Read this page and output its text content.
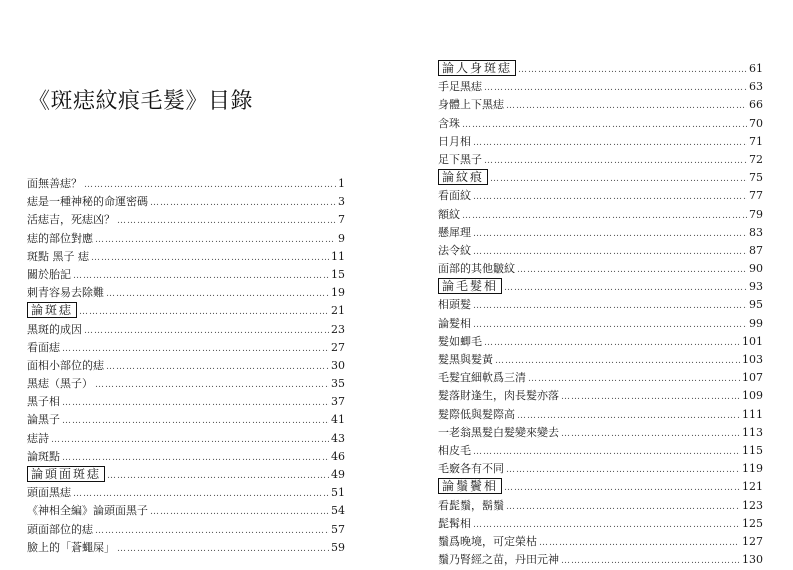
《斑痣紋痕毛髮》目錄
面無善痣？ …………………………………………………………………………………………………………………………………………………………	1
痣是一種神秘的命運密碼 …………………………………………………………………………………………………………………………………………………………	3
活痣吉，死痣凶？ …………………………………………………………………………………………………………………………………………………………	7
痣的部位對應 …………………………………………………………………………………………………………………………………………………………	9
斑點 黑子 痣 …………………………………………………………………………………………………………………………………………………………	11
關於胎記 …………………………………………………………………………………………………………………………………………………………	15
刺青容易去除難 …………………………………………………………………………………………………………………………………………………………	19
論斑痣 …………………………………………………………………………………………………………………………………………………………	21
黑斑的成因 …………………………………………………………………………………………………………………………………………………………	23
看面痣 …………………………………………………………………………………………………………………………………………………………	27
面相小部位的痣 …………………………………………………………………………………………………………………………………………………………	30
黑痣（黑子） …………………………………………………………………………………………………………………………………………………………	35
黑子相 …………………………………………………………………………………………………………………………………………………………	37
論黑子 …………………………………………………………………………………………………………………………………………………………	41
痣詩 …………………………………………………………………………………………………………………………………………………………	43
論斑點 …………………………………………………………………………………………………………………………………………………………	46
論頭面斑痣 …………………………………………………………………………………………………………………………………………………………	49
頭面黑痣 …………………………………………………………………………………………………………………………………………………………	51
《神相全編》論頭面黑子 …………………………………………………………………………………………………………………………………………………………	54
頭面部位的痣 …………………………………………………………………………………………………………………………………………………………	57
臉上的「蒼蠅屎」 …………………………………………………………………………………………………………………………………………………………	59
論人身斑痣 …………………………………………………………………………………………………………………………………………………………	61
手足黑痣 …………………………………………………………………………………………………………………………………………………………	63
身體上下黑痣 …………………………………………………………………………………………………………………………………………………………	66
含珠 …………………………………………………………………………………………………………………………………………………………	70
日月相 …………………………………………………………………………………………………………………………………………………………	71
足下黑子 …………………………………………………………………………………………………………………………………………………………	72
論紋痕 …………………………………………………………………………………………………………………………………………………………	75
看面紋 …………………………………………………………………………………………………………………………………………………………	77
額紋 …………………………………………………………………………………………………………………………………………………………	79
懸犀理 …………………………………………………………………………………………………………………………………………………………	83
法令紋 …………………………………………………………………………………………………………………………………………………………	87
面部的其他皺紋 …………………………………………………………………………………………………………………………………………………………	90
論毛髮相 …………………………………………………………………………………………………………………………………………………………	93
相頭髮 …………………………………………………………………………………………………………………………………………………………	95
論髮相 …………………………………………………………………………………………………………………………………………………………	99
髮如蝍毛 …………………………………………………………………………………………………………………………………………………………	101
髮黑與髮黃 …………………………………………………………………………………………………………………………………………………………	103
毛髮宜細軟爲三清 …………………………………………………………………………………………………………………………………………………………	107
髮落財逢生，肉長髮亦落 …………………………………………………………………………………………………………………………………………………………	109
髮際低與髮際高 …………………………………………………………………………………………………………………………………………………………	111
一老翁黑髮白髮變來變去 …………………………………………………………………………………………………………………………………………………………	113
相皮毛 …………………………………………………………………………………………………………………………………………………………	115
毛竅各有不同 …………………………………………………………………………………………………………………………………………………………	119
論鬚鬢相 …………………………………………………………………………………………………………………………………………………………	121
看髭鬚，鬍鬚 …………………………………………………………………………………………………………………………………………………………	123
髭髯相 …………………………………………………………………………………………………………………………………………………………	125
鬚爲晚境，可定榮枯 …………………………………………………………………………………………………………………………………………………………	127
鬚乃腎經之苗，丹田元神 …………………………………………………………………………………………………………………………………………………………	130
